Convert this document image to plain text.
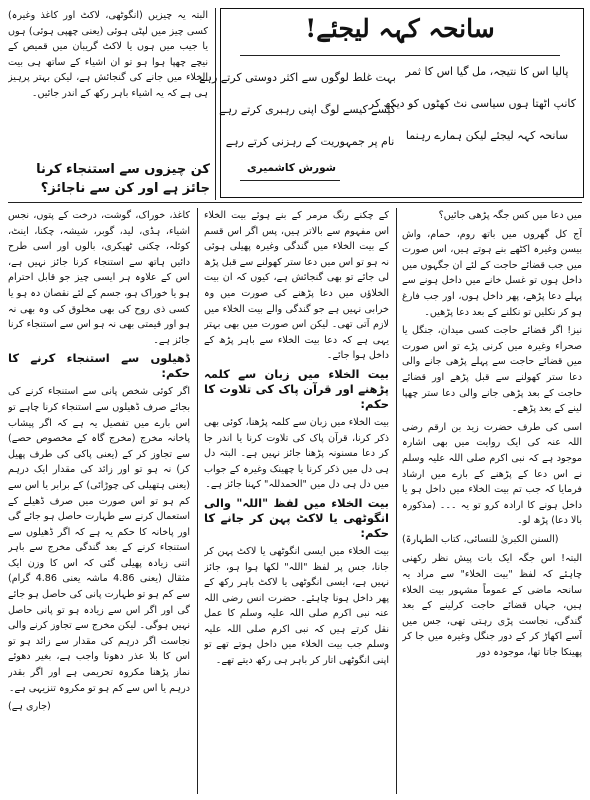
البتہ یہ چیزیں (انگوٹھی، لاکٹ اور کاغذ وغیرہ) کسی چیز میں لپٹی ہوئی (یعنی چھپی ہوئی) ہوں یا جیب میں ہوں یا لاکٹ گریبان میں قمیص کے نیچے چھپا ہوا ہو تو ان اشیاء کے ساتھ ہی بیت الخلاء میں جانے کی گنجائش ہے، لیکن بہتر پرہیز ہی ہے کہ یہ اشیاء باہر رکھ کے اندر جائیں۔

کن چیزوں سے استنجاء کرنا جائز ہے اور کن سے ناجائز؟
سانحہ کہہ لیجئے!
پالیا اس کا نتیجہ، مل گیا اس کا ثمر
کانپ اٹھتا ہوں سیاسی نٹ کھٹوں کو دیکھ کر
سانحہ کہہ لیجئے لیکن ہمارے رہنما
بہت غلط لوگوں سے اکثر دوستی کرتے رہے
کیسے کیسے لوگ اپنی رہبری کرتے رہے
نام پر جمہوریت کے رہزنی کرتے رہے
شورش کاشمیری

کاغذ، خوراک، گوشت، درخت کے پتوں، نجس اشیاء، ہڈی، لید، گوبر، شیشہ، چکنا، اینٹ، کوئلہ، چکنی ٹھیکری، بالوں اور اسی طرح دائیں ہاتھ سے استنجاء کرنا جائز نہیں ہے، اس کے علاوہ ہر ایسی چیز جو قابل احترام ہو یا خوراک ہو، جسم کے لئے نقصان دہ ہو یا کسی ذی روح کی بھی مخلوق کی وہ بھی نہ ہو اور قیمتی بھی نہ ہو اس سے استنجاء کرنا جائز ہے۔

ڈھیلوں سے استنجاء کرنے کا حکم:

اگر کوئی شخص پانی سے استنجاء کرنے کی بجائے صرف ڈھیلوں سے استنجاء کرنا چاہے تو اس بارے میں تفصیل یہ ہے کہ اگر پیشاب پاخانہ مخرج (مخرج گاہ کے مخصوص حصے) سے تجاوز کر کے (یعنی پاکی کی طرف پھیل کر) نہ ہو تو اور زائد کی مقدار ایک درہم (یعنی ہتھیلی کی چوڑائی) کے برابر یا اس سے کم ہو تو اس صورت میں صرف ڈھیلے کے استعمال کرنے سے طہارت حاصل ہو جائے گی اور پاخانہ کا حکم یہ ہے کہ اگر ڈھیلوں سے استنجاء کرنے کے بعد گندگی مخرج سے باہر اتنی زیادہ پھیلی گئی کہ اس کا وزن ایک مثقال (یعنی 4.86 ماشہ یعنی 4.86 گرام) سے کم ہو تو طہارت پانی کی حاصل ہو جائے گی اور اگر اس سے زیادہ ہو تو پانی حاصل نہیں ہوگی۔ لیکن مخرج سے تجاوز کرنے والی نجاست اگر درہم کی مقدار سے زائد ہو تو اس کا بلا عذر دھونا واجب ہے، بغیر دھوئے نماز پڑھنا مکروہ تحریمی ہے اور اگر بقدر درہم یا اس سے کم ہو تو مکروہ تنزیہی ہے۔

(جاری ہے)

کے چکنے رنگ مرمر کے بنے ہوئے بیت الخلاء اس مفہوم سے بالاتر ہیں، پس اگر اس قسم کے بیت الخلاء میں گندگی وغیرہ پھیلی ہوئی نہ ہو تو اس میں دعا ستر کھولنے سے قبل پڑھ لی جائے تو بھی گنجائش ہے، کیوں کہ ان بیت الخلاؤں میں دعا پڑھنے کی صورت میں وہ خرابی نہیں ہے جو گندگی والے بیت الخلاء میں لازم آتی تھی۔ لیکن اس صورت میں بھی بہتر یہی ہے کہ دعا بیت الخلاء سے باہر پڑھ کے داخل ہوا جائے۔

بیت الخلاء میں زبان سے کلمہ پڑھنے اور قرآن پاک کی تلاوت کا حکم:

بیت الخلاء میں زبان سے کلمہ پڑھنا، کوئی بھی ذکر کرنا، قرآن پاک کی تلاوت کرنا یا اندر جا کر دعا مسنونہ پڑھنا جائز نہیں ہے۔ البتہ دل ہی دل میں ذکر کرنا یا چھینک وغیرہ کے جواب میں دل ہی دل میں "الحمدللہ" کہنا جائز ہے۔

بیت الخلاء میں لفظ "اللہ" والی انگوٹھی یا لاکٹ پہن کر جانے کا حکم:

بیت الخلاء میں ایسی انگوٹھی یا لاکٹ پہن کر جانا، جس پر لفظ "اللہ" لکھا ہوا ہو، جائز نہیں ہے، ایسی انگوٹھی یا لاکٹ باہر رکھ کے پھر داخل ہونا چاہئے۔ حضرت انس رضی اللہ عنہ نبی اکرم صلی اللہ علیہ وسلم کا عمل نقل کرتے ہیں کہ نبی اکرم صلی اللہ علیہ وسلم جب بیت الخلاء میں داخل ہوتے تھے تو اپنی انگوٹھی اتار کر باہر ہی رکھ دیتے تھے۔

میں دعا میں کس جگہ پڑھی جائیں؟

آج کل گھروں میں باتھ روم، حمام، واش بیسن وغیرہ اکٹھے بنے ہوتے ہیں، اس صورت میں جب قضائے حاجت کے لئے ان جگہوں میں داخل ہوں تو غسل خانے میں داخل ہونے سے پہلے دعا پڑھے، پھر داخل ہوں، اور جب فارغ ہو کر نکلیں تو نکلنے کے بعد دعا پڑھیں۔

نیز! اگر قضائے حاجت کسی میدان، جنگل یا صحراء وغیرہ میں کرنی پڑے تو اس صورت میں قضائے حاجت سے پہلے پڑھی جانے والی دعا ستر کھولنے سے قبل پڑھے اور قضائے حاجت کے بعد پڑھی جانے والی دعا ستر چھپا لینے کے بعد پڑھے۔

اسی کی طرف حضرت زید بن ارقم رضی اللہ عنہ کی ایک روایت میں بھی اشارہ موجود ہے کہ نبی اکرم صلی اللہ علیہ وسلم نے اس دعا کے پڑھنے کے بارے میں ارشاد فرمایا کہ جب تم بیت الخلاء میں داخل ہو یا داخل ہونے کا ارادہ کرو تو یہ ۔۔۔ (مذکورہ بالا دعا) پڑھ لو۔

(السنن الکبریٰ للنسائی، کتاب الطہارۃ)

البتہ! اس جگہ ایک بات پیش نظر رکھنی چاہئے کہ لفظ "بیت الخلاء" سے مراد یہ سانحہ ماضی کے عموماً مشہور بیت الخلاء ہیں، جہاں قضائے حاجت کرلینے کے بعد گندگی، نجاست پڑی رہتی تھی، جس میں آسے اکھاڑ کر کے دور جنگل وغیرہ میں جا کر پھینکا جاتا تھا، موجودہ دور
